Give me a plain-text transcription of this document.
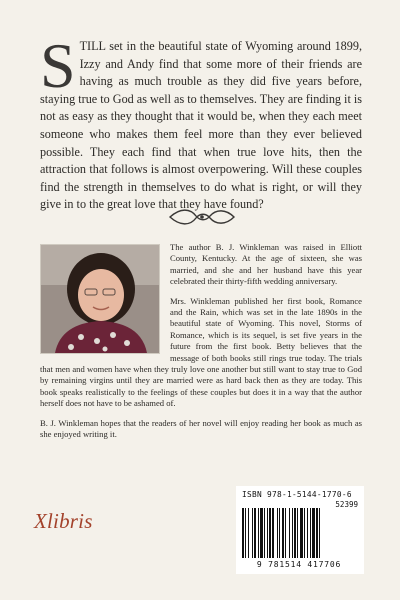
STILL set in the beautiful state of Wyoming around 1899, Izzy and Andy find that some more of their friends are having as much trouble as they did five years before, staying true to God as well as to themselves. They are finding it is not as easy as they thought that it would be, when they each meet someone who makes them feel more than they ever believed possible. They each find that when true love hits, then the attraction that follows is almost overpowering. Will these couples find the strength in themselves to do what is right, or will they give in to the great love that they have found?

The author B. J. Winkleman was raised in Elliott County, Kentucky. At the age of sixteen, she was married, and she and her husband have this year celebrated their thirty-fifth wedding anniversary.

Mrs. Winkleman published her first book, Romance and the Rain, which was set in the late 1890s in the beautiful state of Wyoming. This novel, Storms of Romance, which is its sequel, is set five years in the future from the first book. Betty believes that the message of both books still rings true today. The trials that men and women have when they truly love one another but still want to stay true to God by remaining virgins until they are married were as hard back then as they are today. This book speaks realistically to the feelings of these couples but does it in a way that the author herself does not have to be ashamed of.

B. J. Winkleman hopes that the readers of her novel will enjoy reading her book as much as she enjoyed writing it.

Xlibris
ISBN 978-1-5144-1770-6
52399
9 781514 417706
